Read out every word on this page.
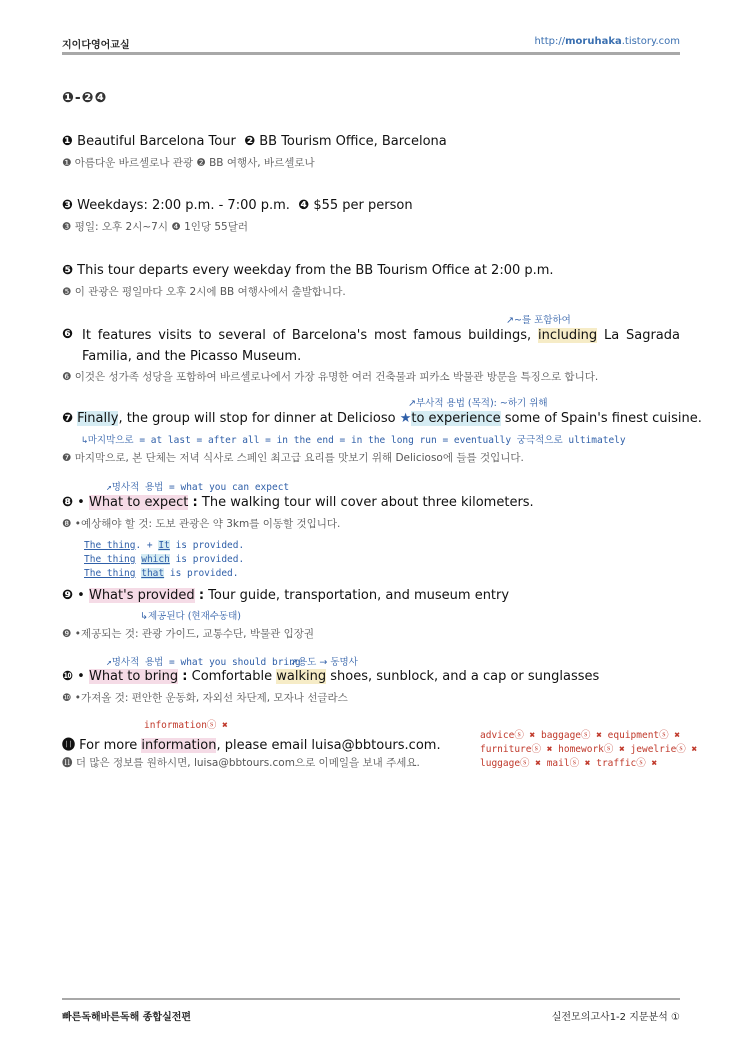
지이다영어교실	http://moruhaka.tistory.com
❶-❷❹
❶ Beautiful Barcelona Tour ❷ BB Tourism Office, Barcelona
❶ 아름다운 바르셀로나 관광 ❷ BB 여행사, 바르셀로나
❸ Weekdays: 2:00 p.m. - 7:00 p.m. ❹ $55 per person
❸ 평일: 오후 2시~7시 ❹ 1인당 55달러
❺ This tour departs every weekday from the BB Tourism Office at 2:00 p.m.
❺ 이 관광은 평일마다 오후 2시에 BB 여행사에서 출발합니다.
↗~를 포함하여
❻ It features visits to several of Barcelona's most famous buildings, including La Sagrada Familia, and the Picasso Museum.
❻ 이것은 성가족 성당을 포함하여 바르셀로나에서 가장 유명한 여러 건축물과 피카소 박물관 방문을 특징으로 합니다.
↗부사적 용법 (목적): ~하기 위해
❼ Finally, the group will stop for dinner at Delicioso ★to experience some of Spain's finest cuisine.
↳마지막으로 = at last = after all = in the end = in the long run = eventually 궁극적으로 ultimately
❼ 마지막으로, 본 단체는 저녁 식사로 스페인 최고급 요리를 맛보기 위해 Delicioso에 들를 것입니다.
↗명사적 용법 = what you can expect
❽ • What to expect : The walking tour will cover about three kilometers.
❽ •예상해야 할 것: 도보 관광은 약 3km를 이동할 것입니다.
The thing. + It is provided.
The thing which is provided.
The thing that is provided.
❾ • What's provided : Tour guide, transportation, and museum entry
↳제공된다 (현재수동태)
❾ •제공되는 것: 관광 가이드, 교통수단, 박물관 입장권
↗명사적 용법 = what you should bring
↗용도 → 동명사
❿ • What to bring : Comfortable walking shoes, sunblock, and a cap or sunglasses
❿ •가져올 것: 편안한 운동화, 자외선 차단제, 모자나 선글라스
informationⓢ ✖
⓫ For more information, please email luisa@bbtours.com.
⓫ 더 많은 정보를 원하시면, luisa@bbtours.com으로 이메일을 보내 주세요.
adviceⓢ ✖ baggageⓢ ✖ equipmentⓢ ✖
furnitureⓢ ✖ homeworkⓢ ✖ jewelrieⓢ ✖
luggageⓢ ✖ mailⓢ ✖ trafficⓢ ✖
빠른독해바른독해 종합실전편	실전모의고사1-2 지문분석 ①
